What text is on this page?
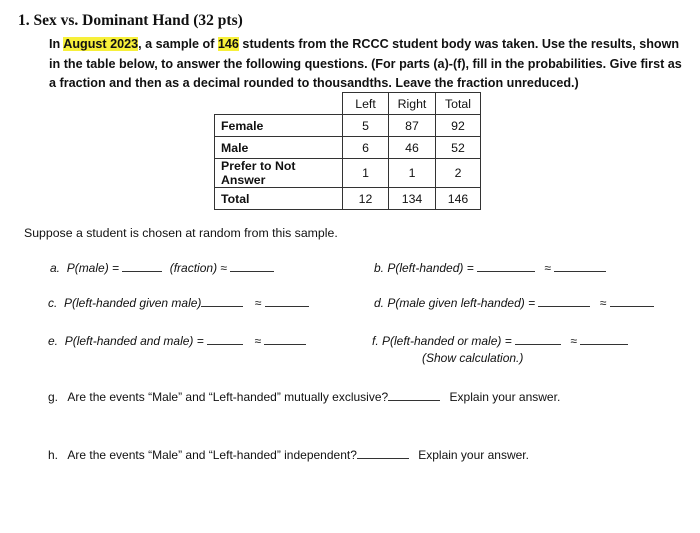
1. Sex vs. Dominant Hand (32 pts)
In August 2023, a sample of 146 students from the RCCC student body was taken. Use the results, shown in the table below, to answer the following questions. (For parts (a)-(f), fill in the probabilities. Give first as a fraction and then as a decimal rounded to thousandths. Leave the fraction unreduced.)
	Left	Right	Total
Female	5	87	92
Male	6	46	52
Prefer to Not Answer	1	1	2
Total	12	134	146
Suppose a student is chosen at random from this sample.
a. P(male) =	(fraction) ≈	b. P(left-handed) =	≈
c. P(left-handed given male)	≈	d. P(male given left-handed) =	≈
e. P(left-handed and male) =	≈	f. P(left-handed or male) =	≈
(Show calculation.)
g. Are the events “Male” and “Left-handed” mutually exclusive?	Explain your answer.
h. Are the events “Male” and “Left-handed” independent?	Explain your answer.
